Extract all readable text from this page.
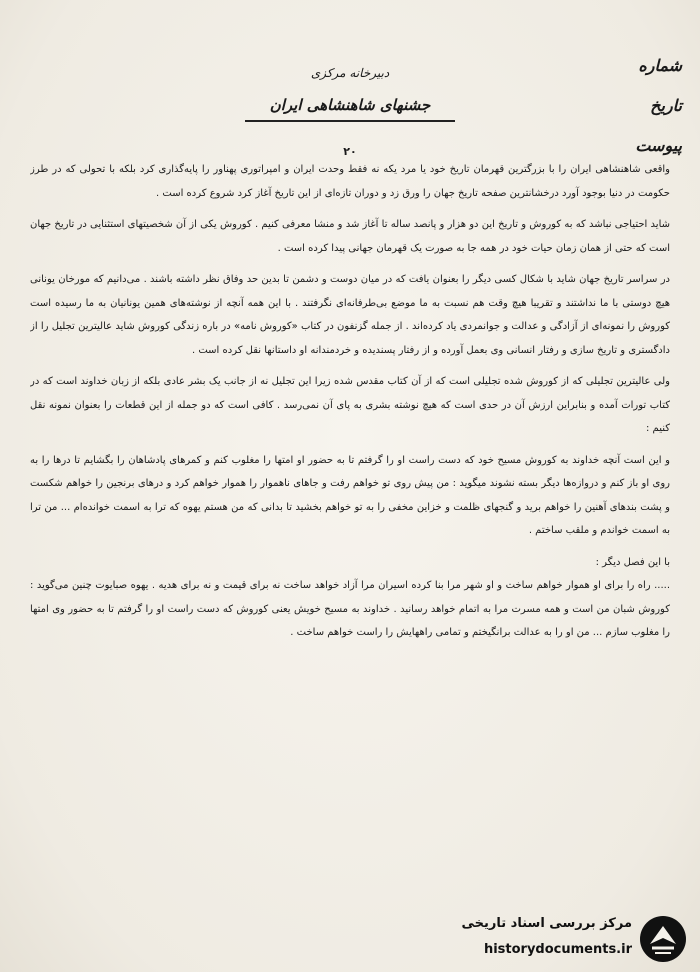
شماره
تاریخ
پیوست
دبیرخانه مرکزی
جشنهای شاهنشاهی ایران
۲۰

واقعی شاهنشاهی ایران را با بزرگترین قهرمان تاریخ خود یا مرد یکه نه فقط وحدت ایران و امپراتوری پهناور را پایه‌گذاری کرد بلکه با تحولی که در طرز حکومت در دنیا بوجود آورد درخشانترین صفحه تاریخ جهان را ورق زد و دوران تازه‌ای از این تاریخ آغاز کرد شروع کرده است .

شاید احتیاجی نباشد که به کوروش و تاریخ این دو هزار و پانصد ساله تا آغاز شد و منشا معرفی کنیم . کوروش یکی از آن شخصیتهای استثنایی در تاریخ جهان است که حتی از همان زمان حیات خود در همه جا به صورت یک قهرمان جهانی پیدا کرده است .

در سراسر تاریخ جهان شاید با شکال کسی دیگر را بعنوان یافت که در میان دوست و دشمن تا بدین حد وفاق نظر داشته باشند . می‌دانیم که مورخان یونانی هیچ دوستی با ما نداشتند و تقریبا هیچ وقت هم نسبت به ما موضع بی‌طرفانه‌ای نگرفتند . با این همه آنچه از نوشته‌های همین یونانیان به ما رسیده است کوروش را نمونه‌ای از آزادگی و عدالت و جوانمردی یاد کرده‌اند . از جمله گزنفون در کتاب «کوروش نامه» در باره زندگی کوروش شاید عالیترین تجلیل را از دادگستری و تاریخ سازی و رفتار انسانی وی بعمل آورده و از رفتار پسندیده و خردمندانه او داستانها نقل کرده است .

ولی عالیترین تجلیلی که از کوروش شده تجلیلی است که از آن کتاب مقدس شده زیرا این تجلیل نه از جانب یک بشر عادی بلکه از زبان خداوند است که در کتاب تورات آمده و بنابراین ارزش آن در حدی است که هیچ نوشته بشری به پای آن نمی‌رسد . کافی است که دو جمله از این قطعات را بعنوان نمونه نقل کنیم :

و این است آنچه خداوند به کوروش مسیح خود که دست راست او را گرفتم تا به حضور او امتها را مغلوب کنم و کمرهای پادشاهان را بگشایم تا درها را به روی او باز کنم و دروازه‌ها دیگر بسته نشوند میگوید : من پیش روی تو خواهم رفت و جاهای ناهموار را هموار خواهم کرد و درهای برنجین را خواهم شکست و پشت بندهای آهنین را خواهم برید و گنجهای ظلمت و خزاین مخفی را به تو خواهم بخشید تا بدانی که من هستم یهوه که ترا به اسمت خوانده‌ام ... من ترا به اسمت خواندم و ملقب ساختم .

با این فصل دیگر :

..... راه را برای او هموار خواهم ساخت و او شهر مرا بنا کرده اسیران مرا آزاد خواهد ساخت نه برای قیمت و نه برای هدیه . یهوه صبایوت چنین می‌گوید : کوروش شبان من است و همه مسرت مرا به اتمام خواهد رسانید . خداوند به مسیح خویش یعنی کوروش که دست راست او را گرفتم تا به حضور وی امتها را مغلوب سازم ... من او را به عدالت برانگیختم و تمامی راههایش را راست خواهم ساخت .

مرکز بررسی اسناد تاریخی
historydocuments.ir
